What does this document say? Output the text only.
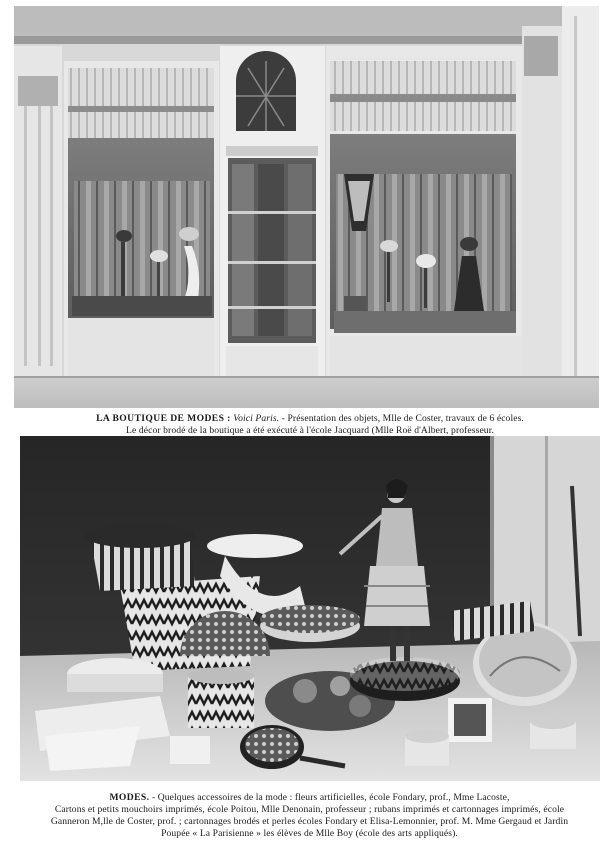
LA BOUTIQUE DE MODES : Voici Paris. - Présentation des objets, Mlle de Coster, travaux de 6 écoles.
Le décor brodé de la boutique a été exécuté à l'école Jacquard (Mlle Roë d'Albert, professeur.
MODES. - Quelques accessoires de la mode : fleurs artificielles, école Fondary, prof., Mme Lacoste,
Cartons et petits mouchoirs imprimés, école Poitou, Mlle Denonain, professeur ; rubans imprimés et cartonnages imprimés, école
Ganneron M,lle de Coster, prof. ; cartonnages brodés et perles écoles Fondary et Elisa-Lemonnier, prof. M. Mme Gergaud et Jardin
Poupée « La Parisienne » les élèves de Mlle Boy (école des arts appliqués).
